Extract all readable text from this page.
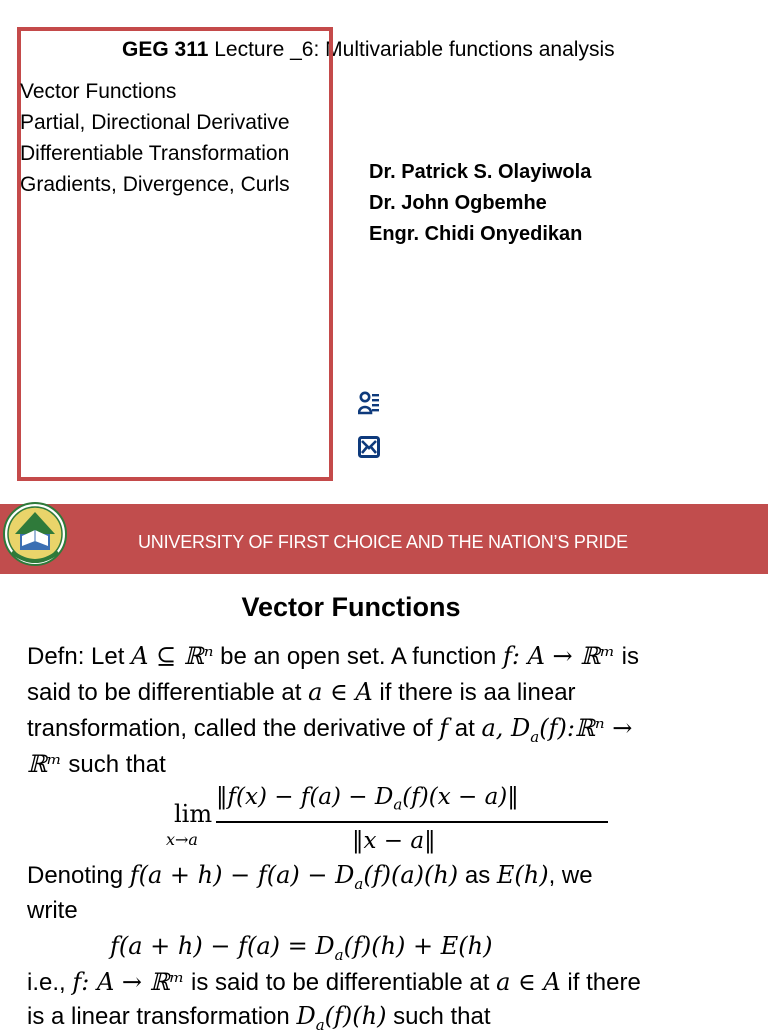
GEG 311 Lecture _6: Multivariable functions analysis
Vector Functions
Partial, Directional Derivative
Differentiable Transformation
Gradients, Divergence, Curls
Dr. Patrick S. Olayiwola
Dr. John Ogbemhe
Engr. Chidi Onyedikan
UNIVERSITY OF FIRST CHOICE AND THE NATION’S PRIDE
Vector Functions
Defn: Let A ⊆ ℝⁿ be an open set. A function f: A → ℝᵐ is
said to be differentiable at a ∈ A if there is aa linear
transformation, called the derivative of f at a, $D_a(f):ℝ^n$ →
ℝᵐ such that
lim
x→a
‖f(x) − $f(a) - D_a(f)(x$ − a)‖
‖x − a‖
Denoting $f(a + h) - f(a) - D_a(f)(a)(h)$ as E(h), we
write
$f(a + h) - f(a) = D_a(f)(h) + E(h)$
i.e., f: A → ℝᵐ is said to be differentiable at a ∈ A if there
is a linear transformation $D_a(f)(h)$ such that
